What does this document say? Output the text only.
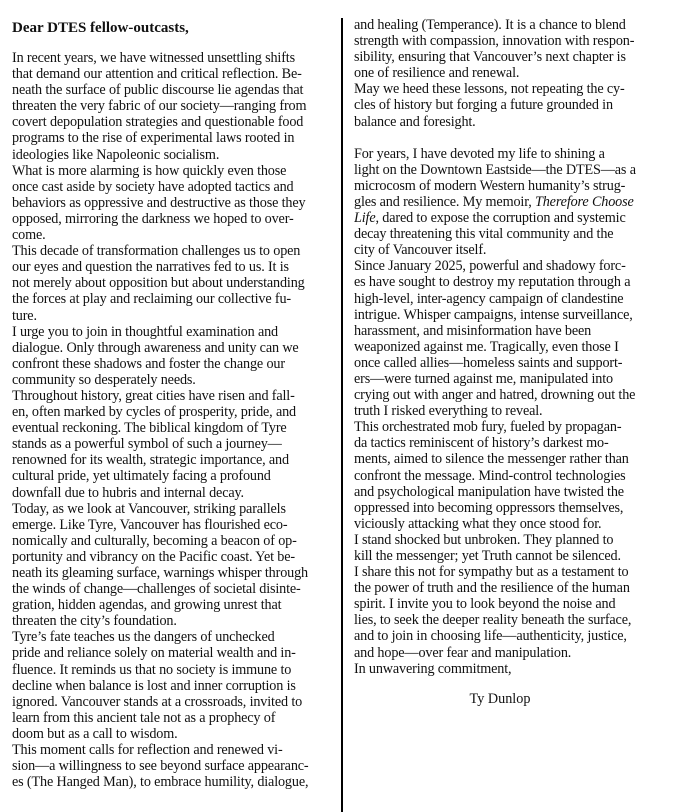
Dear DTES fellow-outcasts,
In recent years, we have witnessed unsettling shifts
that demand our attention and critical reflection. Be-
neath the surface of public discourse lie agendas that
threaten the very fabric of our society—ranging from
covert depopulation strategies and questionable food
programs to the rise of experimental laws rooted in
ideologies like Napoleonic socialism.
What is more alarming is how quickly even those
once cast aside by society have adopted tactics and
behaviors as oppressive and destructive as those they
opposed, mirroring the darkness we hoped to over-
come.
This decade of transformation challenges us to open
our eyes and question the narratives fed to us. It is
not merely about opposition but about understanding
the forces at play and reclaiming our collective fu-
ture.
I urge you to join in thoughtful examination and
dialogue. Only through awareness and unity can we
confront these shadows and foster the change our
community so desperately needs.
Throughout history, great cities have risen and fall-
en, often marked by cycles of prosperity, pride, and
eventual reckoning. The biblical kingdom of Tyre
stands as a powerful symbol of such a journey—
renowned for its wealth, strategic importance, and
cultural pride, yet ultimately facing a profound
downfall due to hubris and internal decay.
Today, as we look at Vancouver, striking parallels
emerge. Like Tyre, Vancouver has flourished eco-
nomically and culturally, becoming a beacon of op-
portunity and vibrancy on the Pacific coast. Yet be-
neath its gleaming surface, warnings whisper through
the winds of change—challenges of societal disinte-
gration, hidden agendas, and growing unrest that
threaten the city’s foundation.
Tyre’s fate teaches us the dangers of unchecked
pride and reliance solely on material wealth and in-
fluence. It reminds us that no society is immune to
decline when balance is lost and inner corruption is
ignored. Vancouver stands at a crossroads, invited to
learn from this ancient tale not as a prophecy of
doom but as a call to wisdom.
This moment calls for reflection and renewed vi-
sion—a willingness to see beyond surface appearanc-
es (The Hanged Man), to embrace humility, dialogue,
and healing (Temperance). It is a chance to blend
strength with compassion, innovation with respon-
sibility, ensuring that Vancouver’s next chapter is
one of resilience and renewal.
May we heed these lessons, not repeating the cy-
cles of history but forging a future grounded in
balance and foresight.
For years, I have devoted my life to shining a
light on the Downtown Eastside—the DTES—as a
microcosm of modern Western humanity’s strug-
gles and resilience. My memoir, Therefore Choose
Life, dared to expose the corruption and systemic
decay threatening this vital community and the
city of Vancouver itself.
Since January 2025, powerful and shadowy forc-
es have sought to destroy my reputation through a
high-level, inter-agency campaign of clandestine
intrigue. Whisper campaigns, intense surveillance,
harassment, and misinformation have been
weaponized against me. Tragically, even those I
once called allies—homeless saints and support-
ers—were turned against me, manipulated into
crying out with anger and hatred, drowning out the
truth I risked everything to reveal.
This orchestrated mob fury, fueled by propagan-
da tactics reminiscent of history’s darkest mo-
ments, aimed to silence the messenger rather than
confront the message. Mind-control technologies
and psychological manipulation have twisted the
oppressed into becoming oppressors themselves,
viciously attacking what they once stood for.
I stand shocked but unbroken. They planned to
kill the messenger; yet Truth cannot be silenced.
I share this not for sympathy but as a testament to
the power of truth and the resilience of the human
spirit. I invite you to look beyond the noise and
lies, to seek the deeper reality beneath the surface,
and to join in choosing life—authenticity, justice,
and hope—over fear and manipulation.
In unwavering commitment,
Ty Dunlop
